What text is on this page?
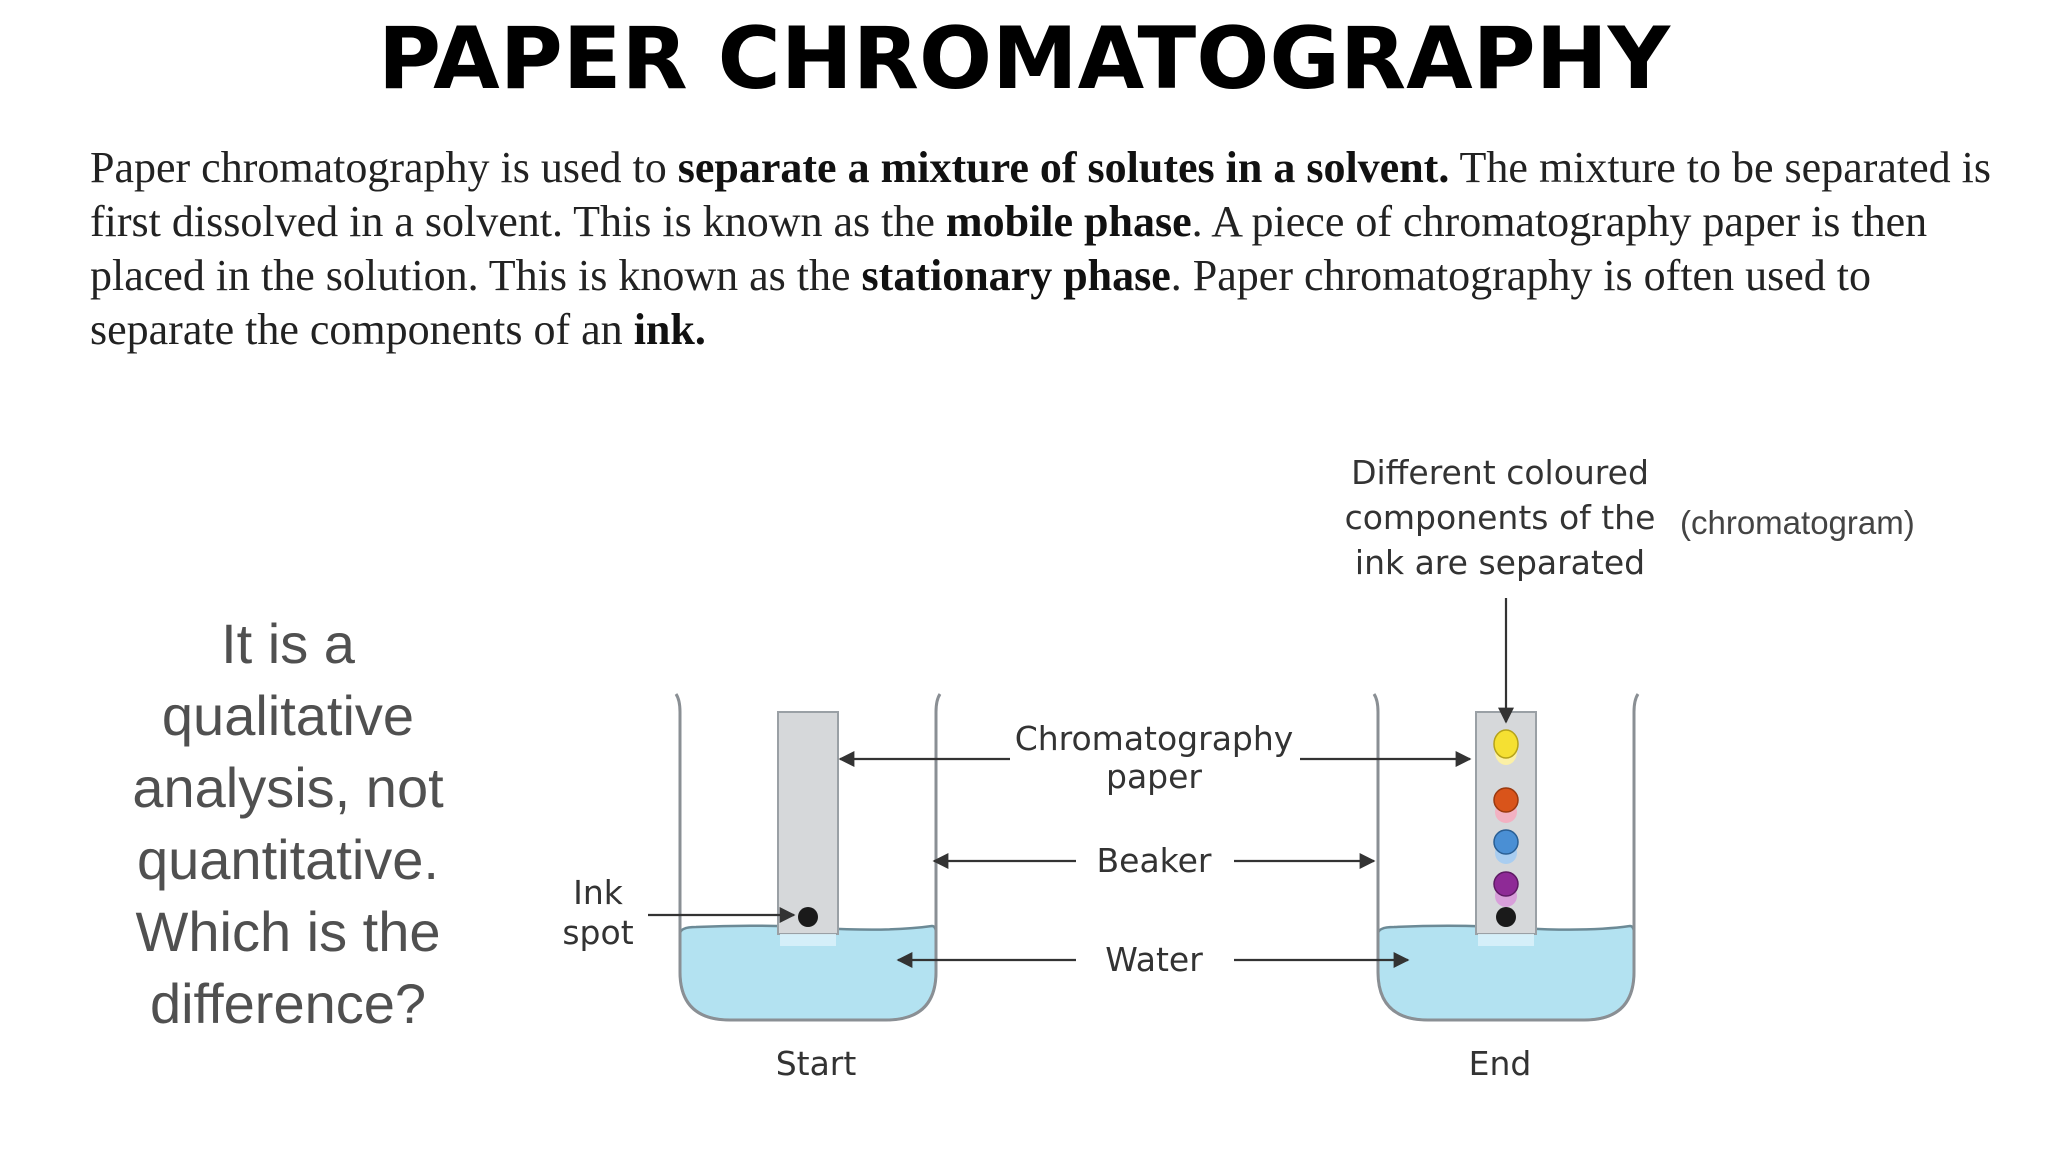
PAPER CHROMATOGRAPHY
Paper chromatography is used to separate a mixture of solutes in a solvent. The mixture to be separated is first dissolved in a solvent. This is known as the mobile phase. A piece of chromatography paper is then placed in the solution. This is known as the stationary phase. Paper chromatography is often used to separate the components of an ink.
It is a
qualitative
analysis, not
quantitative.
Which is the
difference?
Different coloured
components of the
ink are separated
(chromatogram)
Chromatography
paper
Beaker
Water
Ink
spot
Start	End
